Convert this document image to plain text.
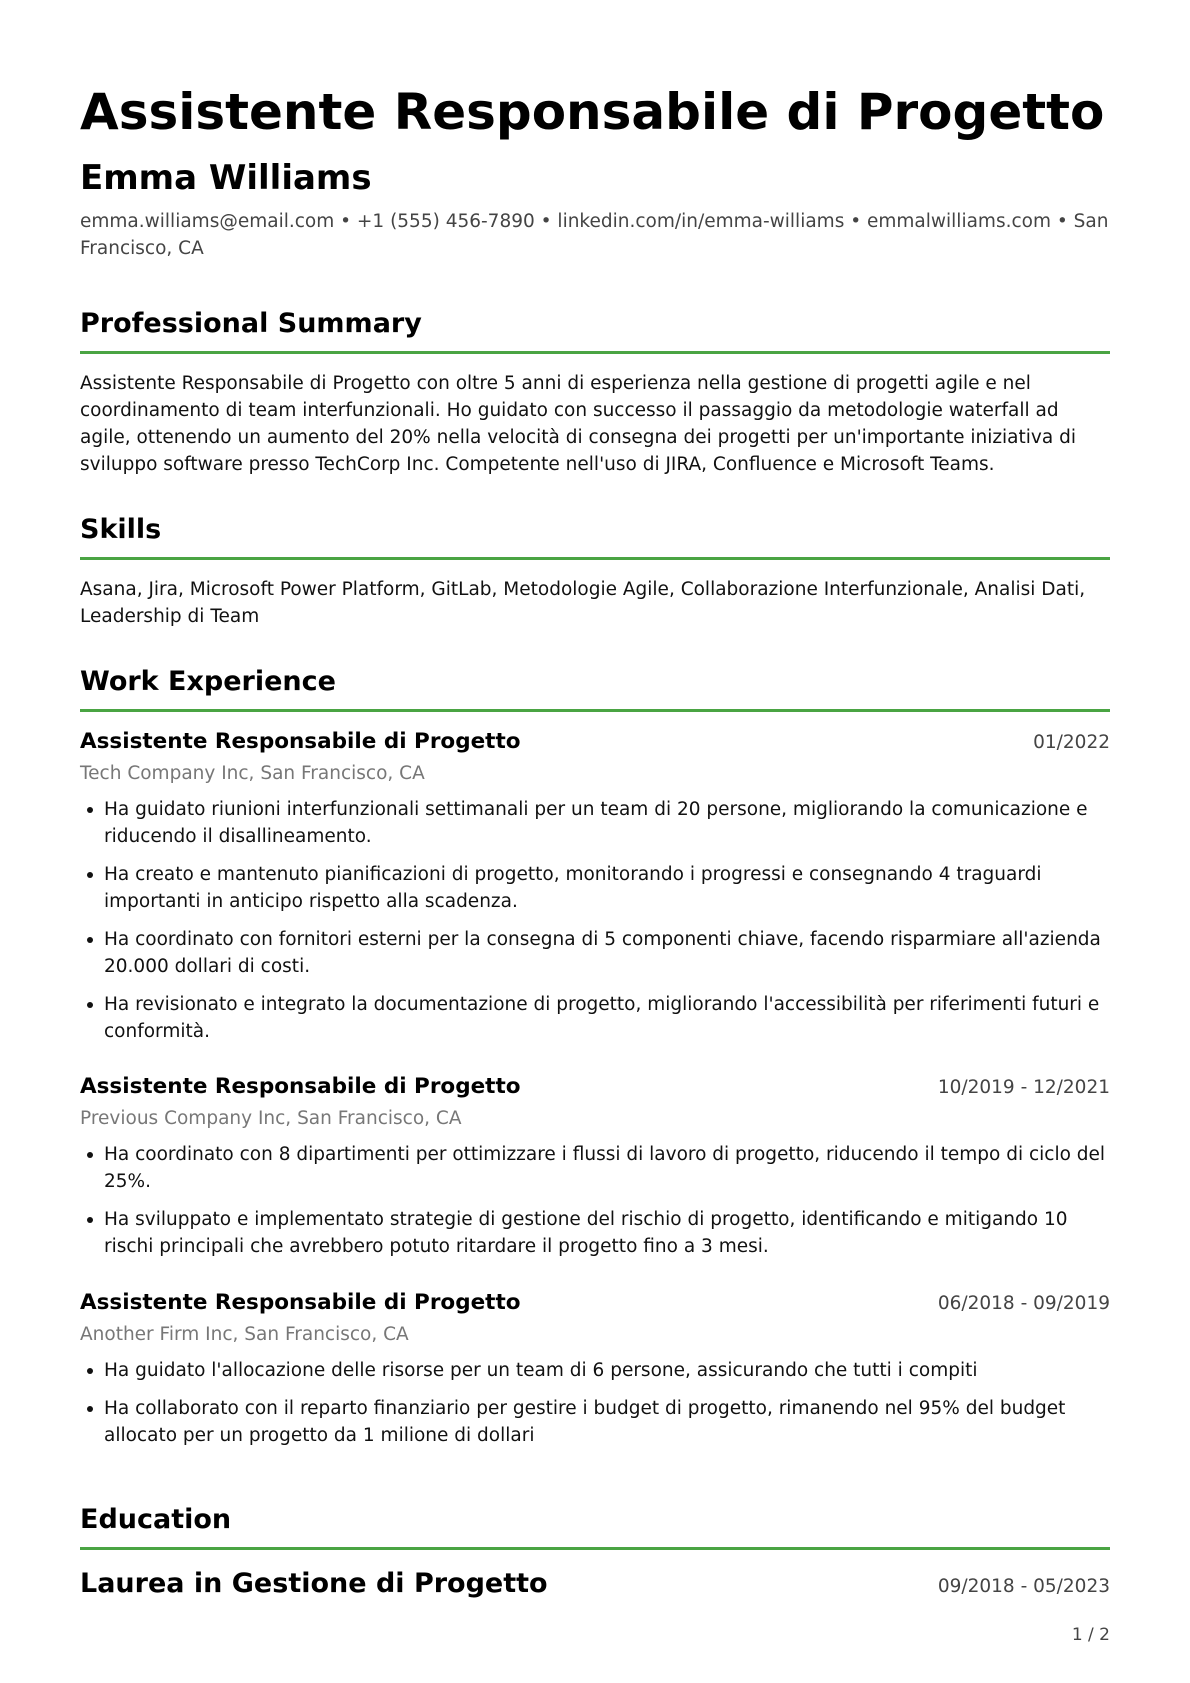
Assistente Responsabile di Progetto
Emma Williams

emma.williams@email.com • +1 (555) 456-7890 • linkedin.com/in/emma-williams • emmalwilliams.com • San Francisco, CA

Professional Summary

Assistente Responsabile di Progetto con oltre 5 anni di esperienza nella gestione di progetti agile e nel coordinamento di team interfunzionali. Ho guidato con successo il passaggio da metodologie waterfall ad agile, ottenendo un aumento del 20% nella velocità di consegna dei progetti per un'importante iniziativa di sviluppo software presso TechCorp Inc. Competente nell'uso di JIRA, Confluence e Microsoft Teams.

Skills

Asana, Jira, Microsoft Power Platform, GitLab, Metodologie Agile, Collaborazione Interfunzionale, Analisi Dati, Leadership di Team

Work Experience
Assistente Responsabile di Progetto	01/2022
Tech Company Inc, San Francisco, CA
Ha guidato riunioni interfunzionali settimanali per un team di 20 persone, migliorando la comunicazione e riducendo il disallineamento.
Ha creato e mantenuto pianificazioni di progetto, monitorando i progressi e consegnando 4 traguardi importanti in anticipo rispetto alla scadenza.
Ha coordinato con fornitori esterni per la consegna di 5 componenti chiave, facendo risparmiare all'azienda 20.000 dollari di costi.
Ha revisionato e integrato la documentazione di progetto, migliorando l'accessibilità per riferimenti futuri e conformità.
Assistente Responsabile di Progetto	10/2019 - 12/2021
Previous Company Inc, San Francisco, CA
Ha coordinato con 8 dipartimenti per ottimizzare i flussi di lavoro di progetto, riducendo il tempo di ciclo del 25%.
Ha sviluppato e implementato strategie di gestione del rischio di progetto, identificando e mitigando 10 rischi principali che avrebbero potuto ritardare il progetto fino a 3 mesi.
Assistente Responsabile di Progetto	06/2018 - 09/2019
Another Firm Inc, San Francisco, CA
Ha guidato l'allocazione delle risorse per un team di 6 persone, assicurando che tutti i compiti
Ha collaborato con il reparto finanziario per gestire i budget di progetto, rimanendo nel 95% del budget allocato per un progetto da 1 milione di dollari
Education
Laurea in Gestione di Progetto	09/2018 - 05/2023
1 / 2
